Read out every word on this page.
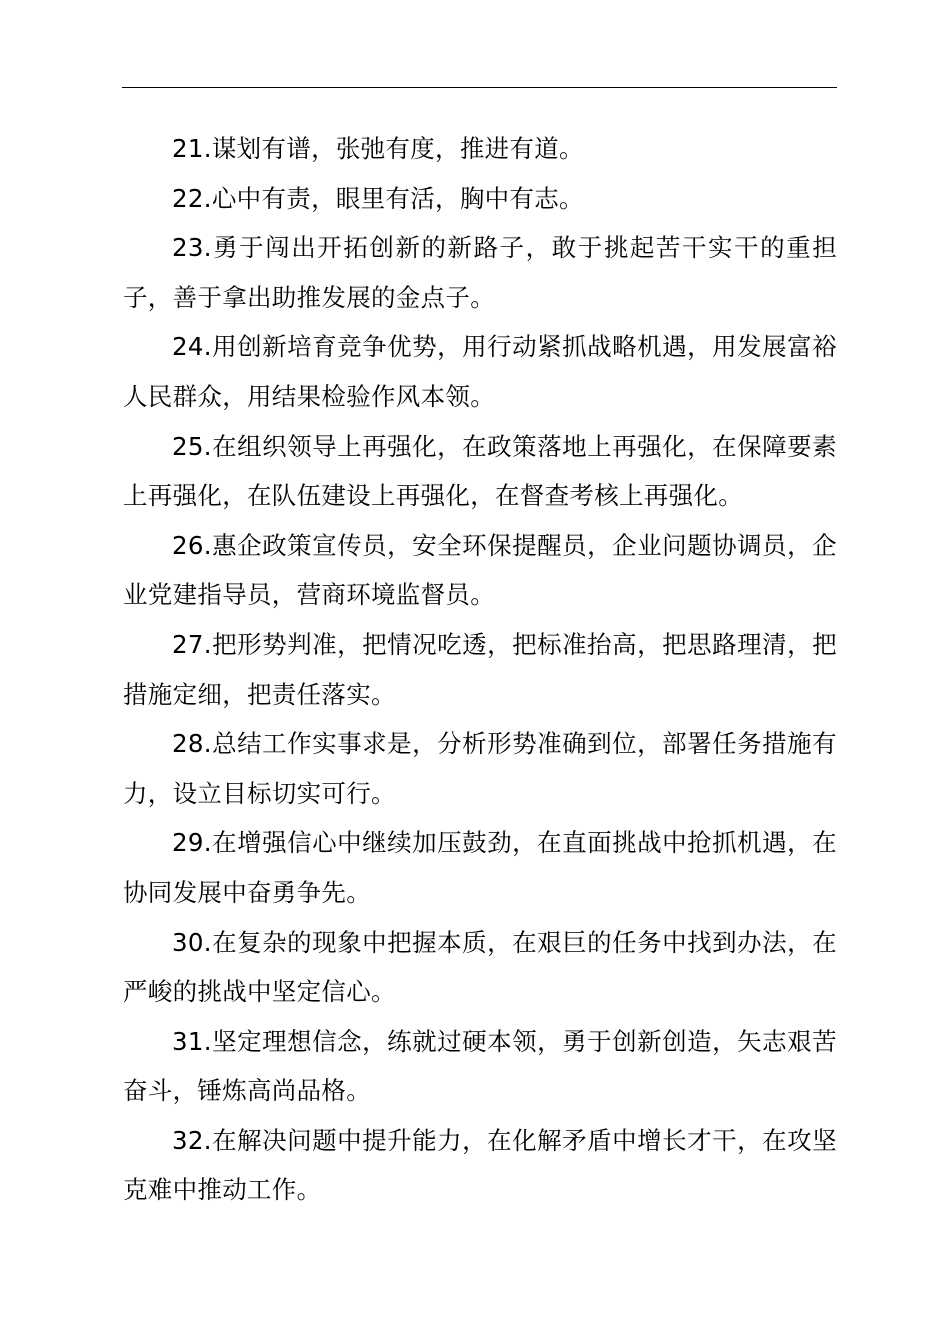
21.谋划有谱，张弛有度，推进有道。

22.心中有责，眼里有活，胸中有志。

23.勇于闯出开拓创新的新路子，敢于挑起苦干实干的重担子，善于拿出助推发展的金点子。

24.用创新培育竞争优势，用行动紧抓战略机遇，用发展富裕人民群众，用结果检验作风本领。

25.在组织领导上再强化，在政策落地上再强化，在保障要素上再强化，在队伍建设上再强化，在督查考核上再强化。

26.惠企政策宣传员，安全环保提醒员，企业问题协调员，企业党建指导员，营商环境监督员。

27.把形势判准，把情况吃透，把标准抬高，把思路理清，把措施定细，把责任落实。

28.总结工作实事求是，分析形势准确到位，部署任务措施有力，设立目标切实可行。

29.在增强信心中继续加压鼓劲，在直面挑战中抢抓机遇，在协同发展中奋勇争先。

30.在复杂的现象中把握本质，在艰巨的任务中找到办法，在严峻的挑战中坚定信心。

31.坚定理想信念，练就过硬本领，勇于创新创造，矢志艰苦奋斗，锤炼高尚品格。

32.在解决问题中提升能力，在化解矛盾中增长才干，在攻坚克难中推动工作。
